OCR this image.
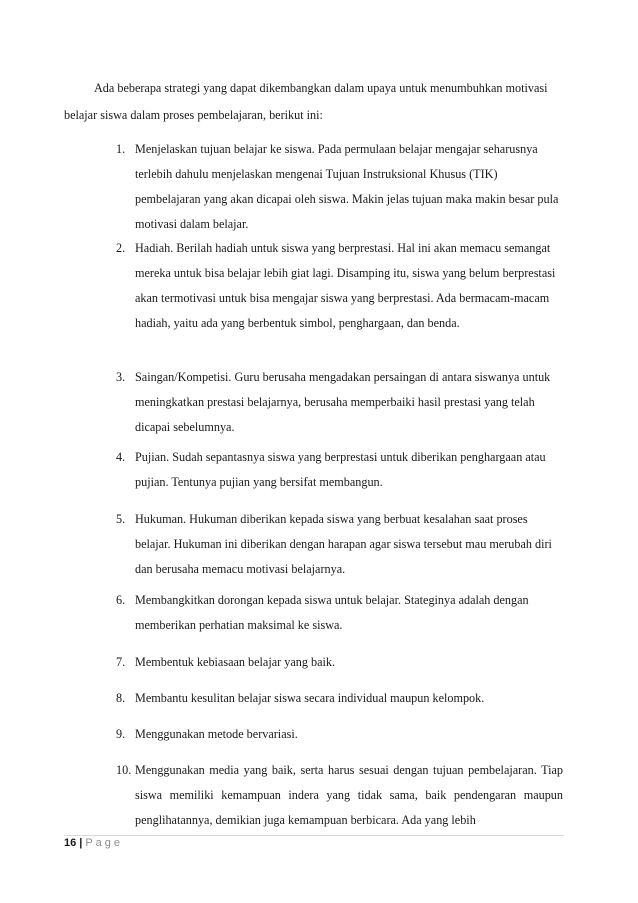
Ada beberapa strategi yang dapat dikembangkan dalam upaya untuk menumbuhkan motivasi belajar siswa dalam proses pembelajaran, berikut ini:

1. Menjelaskan tujuan belajar ke siswa. Pada permulaan belajar mengajar seharusnya terlebih dahulu menjelaskan mengenai Tujuan Instruksional Khusus (TIK) pembelajaran yang akan dicapai oleh siswa. Makin jelas tujuan maka makin besar pula motivasi dalam belajar.
2. Hadiah. Berilah hadiah untuk siswa yang berprestasi. Hal ini akan memacu semangat mereka untuk bisa belajar lebih giat lagi. Disamping itu, siswa yang belum berprestasi akan termotivasi untuk bisa mengajar siswa yang berprestasi. Ada bermacam-macam hadiah, yaitu ada yang berbentuk simbol, penghargaan, dan benda.
3. Saingan/Kompetisi. Guru berusaha mengadakan persaingan di antara siswanya untuk meningkatkan prestasi belajarnya, berusaha memperbaiki hasil prestasi yang telah dicapai sebelumnya.
4. Pujian. Sudah sepantasnya siswa yang berprestasi untuk diberikan penghargaan atau pujian. Tentunya pujian yang bersifat membangun.
5. Hukuman. Hukuman diberikan kepada siswa yang berbuat kesalahan saat proses belajar. Hukuman ini diberikan dengan harapan agar siswa tersebut mau merubah diri dan berusaha memacu motivasi belajarnya.
6. Membangkitkan dorongan kepada siswa untuk belajar. Stateginya adalah dengan memberikan perhatian maksimal ke siswa.
7. Membentuk kebiasaan belajar yang baik.
8. Membantu kesulitan belajar siswa secara individual maupun kelompok.
9. Menggunakan metode bervariasi.
10. Menggunakan media yang baik, serta harus sesuai dengan tujuan pembelajaran. Tiap siswa memiliki kemampuan indera yang tidak sama, baik pendengaran maupun penglihatannya, demikian juga kemampuan berbicara. Ada yang lebih
16 | Page
